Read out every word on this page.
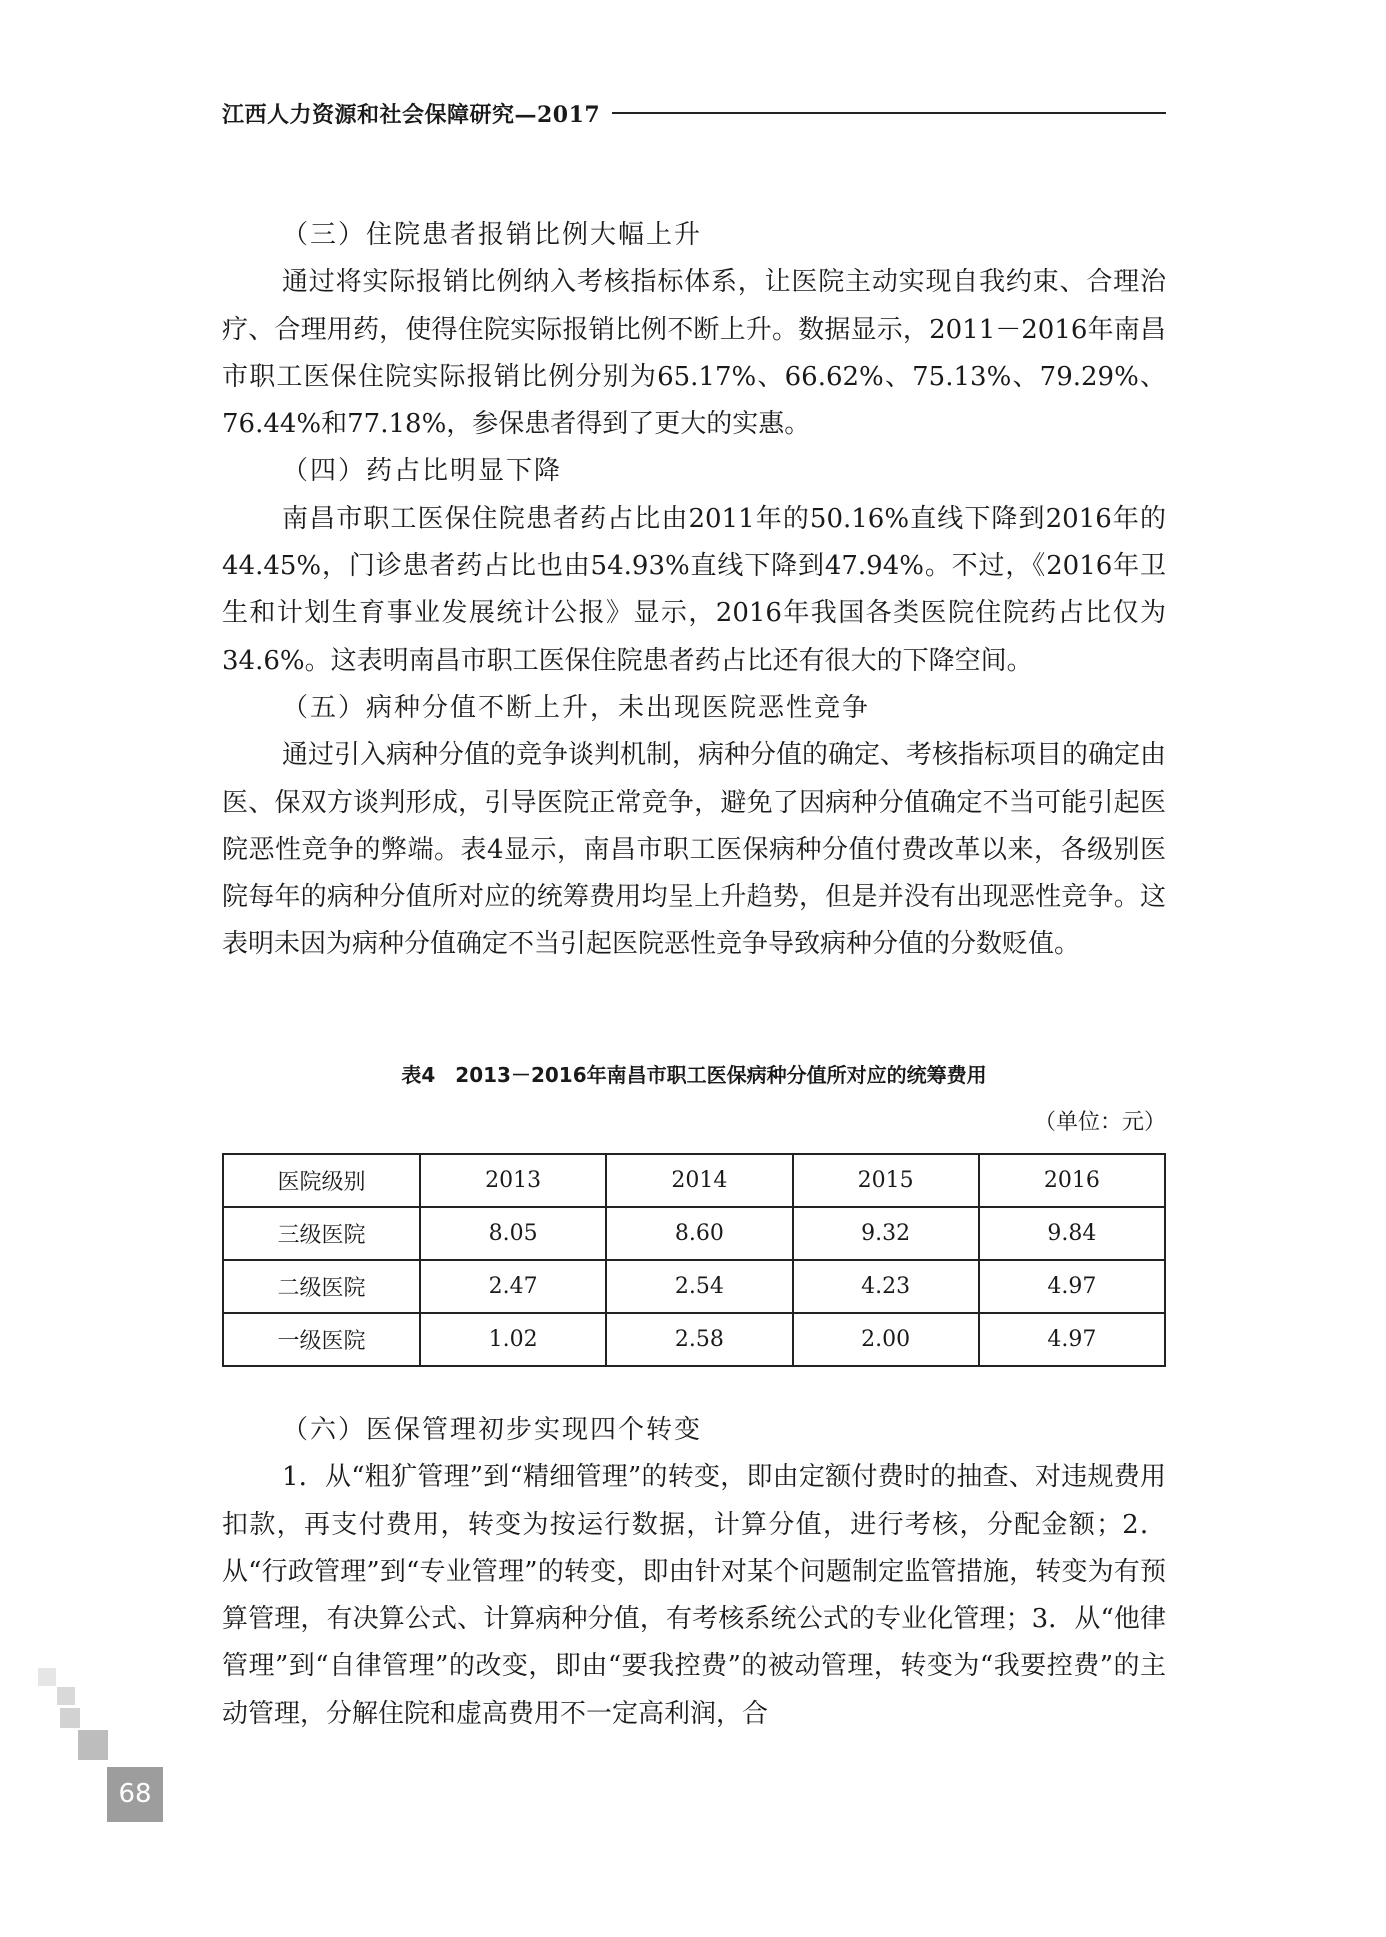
江西人力资源和社会保障研究—2017

（三）住院患者报销比例大幅上升

通过将实际报销比例纳入考核指标体系，让医院主动实现自我约束、合理治疗、合理用药，使得住院实际报销比例不断上升。数据显示，2011－2016年南昌市职工医保住院实际报销比例分别为65.17%、66.62%、75.13%、79.29%、76.44%和77.18%，参保患者得到了更大的实惠。

（四）药占比明显下降

南昌市职工医保住院患者药占比由2011年的50.16%直线下降到2016年的44.45%，门诊患者药占比也由54.93%直线下降到47.94%。不过，《2016年卫生和计划生育事业发展统计公报》显示，2016年我国各类医院住院药占比仅为34.6%。这表明南昌市职工医保住院患者药占比还有很大的下降空间。

（五）病种分值不断上升，未出现医院恶性竞争

通过引入病种分值的竞争谈判机制，病种分值的确定、考核指标项目的确定由医、保双方谈判形成，引导医院正常竞争，避免了因病种分值确定不当可能引起医院恶性竞争的弊端。表4显示，南昌市职工医保病种分值付费改革以来，各级别医院每年的病种分值所对应的统筹费用均呈上升趋势，但是并没有出现恶性竞争。这表明未因为病种分值确定不当引起医院恶性竞争导致病种分值的分数贬值。

表4　2013－2016年南昌市职工医保病种分值所对应的统筹费用
（单位：元）
医院级别	2013	2014	2015	2016
三级医院	8.05	8.60	9.32	9.84
二级医院	2.47	2.54	4.23	4.97
一级医院	1.02	2.58	2.00	4.97

（六）医保管理初步实现四个转变

1．从“粗犷管理”到“精细管理”的转变，即由定额付费时的抽查、对违规费用扣款，再支付费用，转变为按运行数据，计算分值，进行考核，分配金额；2．从“行政管理”到“专业管理”的转变，即由针对某个问题制定监管措施，转变为有预算管理，有决算公式、计算病种分值，有考核系统公式的专业化管理；3．从“他律管理”到“自律管理”的改变，即由“要我控费”的被动管理，转变为“我要控费”的主动管理，分解住院和虚高费用不一定高利润，合

68
